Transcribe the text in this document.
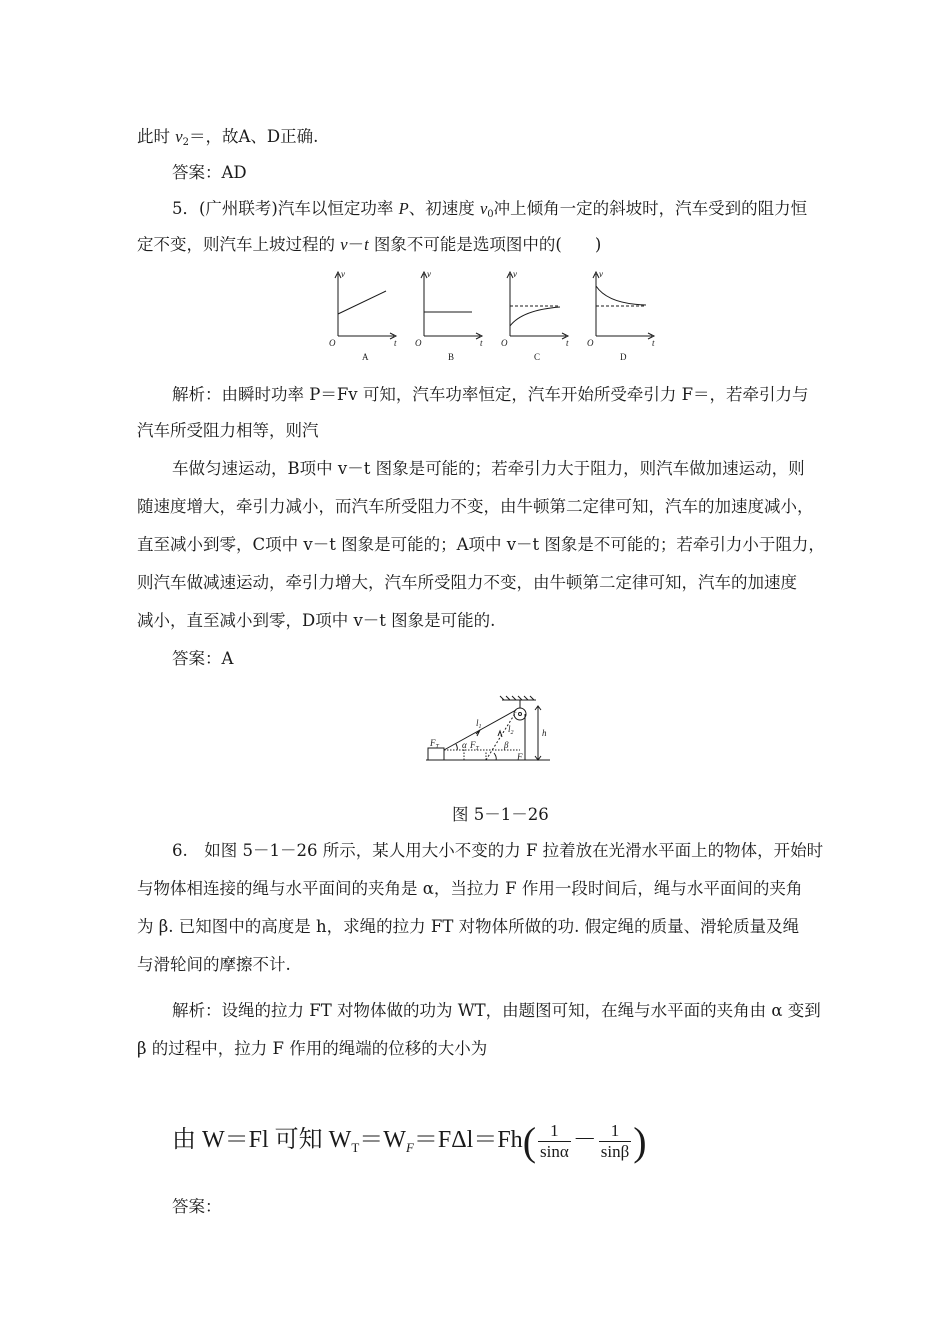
此时 $v_2=$，故A、D正确.
答案：AD
5．(广州联考)汽车以恒定功率 P、初速度 $v_0$冲上倾角一定的斜坡时，汽车受到的阻力恒
定不变，则汽车上坡过程的 v－t 图象不可能是选项图中的(　　)
v
t
O
A
v
t
O
B
v
t
O
C
v
t
O
D
解析：由瞬时功率 P＝Fv 可知，汽车功率恒定，汽车开始所受牵引力 F＝，若牵引力与
汽车所受阻力相等，则汽
车做匀速运动，B项中 v－t 图象是可能的；若牵引力大于阻力，则汽车做加速运动，则
随速度增大，牵引力减小，而汽车所受阻力不变，由牛顿第二定律可知，汽车的加速度减小，
直至减小到零，C项中 v－t 图象是可能的；A项中 v－t 图象是不可能的；若牵引力小于阻力，
则汽车做减速运动，牵引力增大，汽车所受阻力不变，由牛顿第二定律可知，汽车的加速度
减小，直至减小到零，D项中 v－t 图象是可能的.
答案：A
$l_1$	$l_2$	h
$F_T$	α $F_T$	β
F
图 5－1－26
6.　如图 5－1－26 所示，某人用大小不变的力 F 拉着放在光滑水平面上的物体，开始时
与物体相连接的绳与水平面间的夹角是 α，当拉力 F 作用一段时间后，绳与水平面间的夹角
为 β. 已知图中的高度是 h，求绳的拉力 FT 对物体所做的功. 假定绳的质量、滑轮质量及绳
与滑轮间的摩擦不计.
解析：设绳的拉力 FT 对物体做的功为 WT，由题图可知，在绳与水平面的夹角由 α 变到
β 的过程中，拉力 F 作用的绳端的位移的大小为
由 W＝Fl 可知 $W_T=W_F=F\Delta l=Fh( \frac{1}{\sin\alpha} - \frac{1}{\sin\beta}$ )
答案：
